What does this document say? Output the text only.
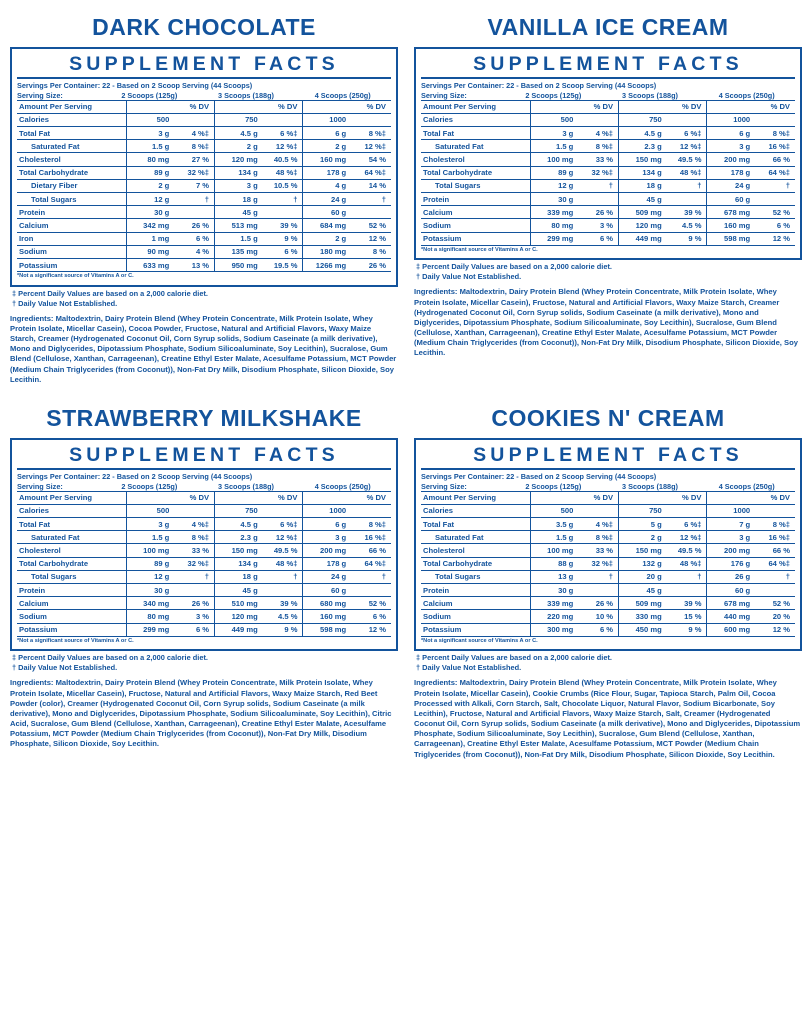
DARK CHOCOLATE
SUPPLEMENT FACTS
Servings Per Container: 22 - Based on 2 Scoop Serving (44 Scoops)
Serving Size:	2 Scoops (125g)	3 Scoops (188g)	4 Scoops (250g)
Amount Per Serving		% DV		% DV		% DV
Calories	500		750		1000	
Total Fat	3 g	4 %‡	4.5 g	6 %‡	6 g	8 %‡
Saturated Fat	1.5 g	8 %‡	2 g	12 %‡	2 g	12 %‡
Cholesterol	80 mg	27 %	120 mg	40.5 %	160 mg	54 %
Total Carbohydrate	89 g	32 %‡	134 g	48 %‡	178 g	64 %‡
Dietary Fiber	2 g	7 %	3 g	10.5 %	4 g	14 %
Total Sugars	12 g	†	18 g	†	24 g	†
Protein	30 g		45 g		60 g	
Calcium	342 mg	26 %	513 mg	39 %	684 mg	52 %
Iron	1 mg	6 %	1.5 g	9 %	2 g	12 %
Sodium	90 mg	4 %	135 mg	6 %	180 mg	8 %
Potassium	633 mg	13 %	950 mg	19.5 %	1266 mg	26 %
*Not a significant source of Vitamins A or C.
‡ Percent Daily Values are based on a 2,000 calorie diet.
† Daily Value Not Established.
Ingredients: Maltodextrin, Dairy Protein Blend (Whey Protein Concentrate, Milk Protein Isolate, Whey Protein Isolate, Micellar Casein), Cocoa Powder, Fructose, Natural and Artificial Flavors, Waxy Maize Starch, Creamer (Hydrogenated Coconut Oil, Corn Syrup solids, Sodium Caseinate (a milk derivative), Mono and Diglycerides, Dipotassium Phosphate, Sodium Silicoaluminate, Soy Lecithin), Sucralose, Gum Blend (Cellulose, Xanthan, Carrageenan), Creatine Ethyl Ester Malate, Acesulfame Potassium, MCT Powder (Medium Chain Triglycerides (from Coconut)), Non-Fat Dry Milk, Disodium Phosphate, Silicon Dioxide, Soy Lecithin.
VANILLA ICE CREAM
SUPPLEMENT FACTS
Servings Per Container: 22 - Based on 2 Scoop Serving (44 Scoops)
Serving Size:	2 Scoops (125g)	3 Scoops (188g)	4 Scoops (250g)
Amount Per Serving		% DV		% DV		% DV
Calories	500		750		1000	
Total Fat	3 g	4 %‡	4.5 g	6 %‡	6 g	8 %‡
Saturated Fat	1.5 g	8 %‡	2.3 g	12 %‡	3 g	16 %‡
Cholesterol	100 mg	33 %	150 mg	49.5 %	200 mg	66 %
Total Carbohydrate	89 g	32 %‡	134 g	48 %‡	178 g	64 %‡
Total Sugars	12 g	†	18 g	†	24 g	†
Protein	30 g		45 g		60 g	
Calcium	339 mg	26 %	509 mg	39 %	678 mg	52 %
Sodium	80 mg	3 %	120 mg	4.5 %	160 mg	6 %
Potassium	299 mg	6 %	449 mg	9 %	598 mg	12 %
*Not a significant source of Vitamins A or C.
‡ Percent Daily Values are based on a 2,000 calorie diet.
† Daily Value Not Established.
Ingredients: Maltodextrin, Dairy Protein Blend (Whey Protein Concentrate, Milk Protein Isolate, Whey Protein Isolate, Micellar Casein), Fructose, Natural and Artificial Flavors, Waxy Maize Starch, Creamer (Hydrogenated Coconut Oil, Corn Syrup solids, Sodium Caseinate (a milk derivative), Mono and Diglycerides, Dipotassium Phosphate, Sodium Silicoaluminate, Soy Lecithin), Sucralose, Gum Blend (Cellulose, Xanthan, Carrageenan), Creatine Ethyl Ester Malate, Acesulfame Potassium, MCT Powder (Medium Chain Triglycerides (from Coconut)), Non-Fat Dry Milk, Disodium Phosphate, Silicon Dioxide, Soy Lecithin.
STRAWBERRY MILKSHAKE
SUPPLEMENT FACTS
Servings Per Container: 22 - Based on 2 Scoop Serving (44 Scoops)
Serving Size:	2 Scoops (125g)	3 Scoops (188g)	4 Scoops (250g)
Amount Per Serving		% DV		% DV		% DV
Calories	500		750		1000	
Total Fat	3 g	4 %‡	4.5 g	6 %‡	6 g	8 %‡
Saturated Fat	1.5 g	8 %‡	2.3 g	12 %‡	3 g	16 %‡
Cholesterol	100 mg	33 %	150 mg	49.5 %	200 mg	66 %
Total Carbohydrate	89 g	32 %‡	134 g	48 %‡	178 g	64 %‡
Total Sugars	12 g	†	18 g	†	24 g	†
Protein	30 g		45 g		60 g	
Calcium	340 mg	26 %	510 mg	39 %	680 mg	52 %
Sodium	80 mg	3 %	120 mg	4.5 %	160 mg	6 %
Potassium	299 mg	6 %	449 mg	9 %	598 mg	12 %
*Not a significant source of Vitamins A or C.
‡ Percent Daily Values are based on a 2,000 calorie diet.
† Daily Value Not Established.
Ingredients: Maltodextrin, Dairy Protein Blend (Whey Protein Concentrate, Milk Protein Isolate, Whey Protein Isolate, Micellar Casein), Fructose, Natural and Artificial Flavors, Waxy Maize Starch, Red Beet Powder (color), Creamer (Hydrogenated Coconut Oil, Corn Syrup solids, Sodium Caseinate (a milk derivative), Mono and Diglycerides, Dipotassium Phosphate, Sodium Silicoaluminate, Soy Lecithin), Citric Acid, Sucralose, Gum Blend (Cellulose, Xanthan, Carrageenan), Creatine Ethyl Ester Malate, Acesulfame Potassium, MCT Powder (Medium Chain Triglycerides (from Coconut)), Non-Fat Dry Milk, Disodium Phosphate, Silicon Dioxide, Soy Lecithin.
COOKIES N' CREAM
SUPPLEMENT FACTS
Servings Per Container: 22 - Based on 2 Scoop Serving (44 Scoops)
Serving Size:	2 Scoops (125g)	3 Scoops (188g)	4 Scoops (250g)
Amount Per Serving		% DV		% DV		% DV
Calories	500		750		1000	
Total Fat	3.5 g	4 %‡	5 g	6 %‡	7 g	8 %‡
Saturated Fat	1.5 g	8 %‡	2 g	12 %‡	3 g	16 %‡
Cholesterol	100 mg	33 %	150 mg	49.5 %	200 mg	66 %
Total Carbohydrate	88 g	32 %‡	132 g	48 %‡	176 g	64 %‡
Total Sugars	13 g	†	20 g	†	26 g	†
Protein	30 g		45 g		60 g	
Calcium	339 mg	26 %	509 mg	39 %	678 mg	52 %
Sodium	220 mg	10 %	330 mg	15 %	440 mg	20 %
Potassium	300 mg	6 %	450 mg	9 %	600 mg	12 %
*Not a significant source of Vitamins A or C.
‡ Percent Daily Values are based on a 2,000 calorie diet.
† Daily Value Not Established.
Ingredients: Maltodextrin, Dairy Protein Blend (Whey Protein Concentrate, Milk Protein Isolate, Whey Protein Isolate, Micellar Casein), Cookie Crumbs (Rice Flour, Sugar, Tapioca Starch, Palm Oil, Cocoa Processed with Alkali, Corn Starch, Salt, Chocolate Liquor, Natural Flavor, Sodium Bicarbonate, Soy Lecithin), Fructose, Natural and Artificial Flavors, Waxy Maize Starch, Salt, Creamer (Hydrogenated Coconut Oil, Corn Syrup solids, Sodium Caseinate (a milk derivative), Mono and Diglycerides, Dipotassium Phosphate, Sodium Silicoaluminate, Soy Lecithin), Sucralose, Gum Blend (Cellulose, Xanthan, Carrageenan), Creatine Ethyl Ester Malate, Acesulfame Potassium, MCT Powder (Medium Chain Triglycerides (from Coconut)), Non-Fat Dry Milk, Disodium Phosphate, Silicon Dioxide, Soy Lecithin.
